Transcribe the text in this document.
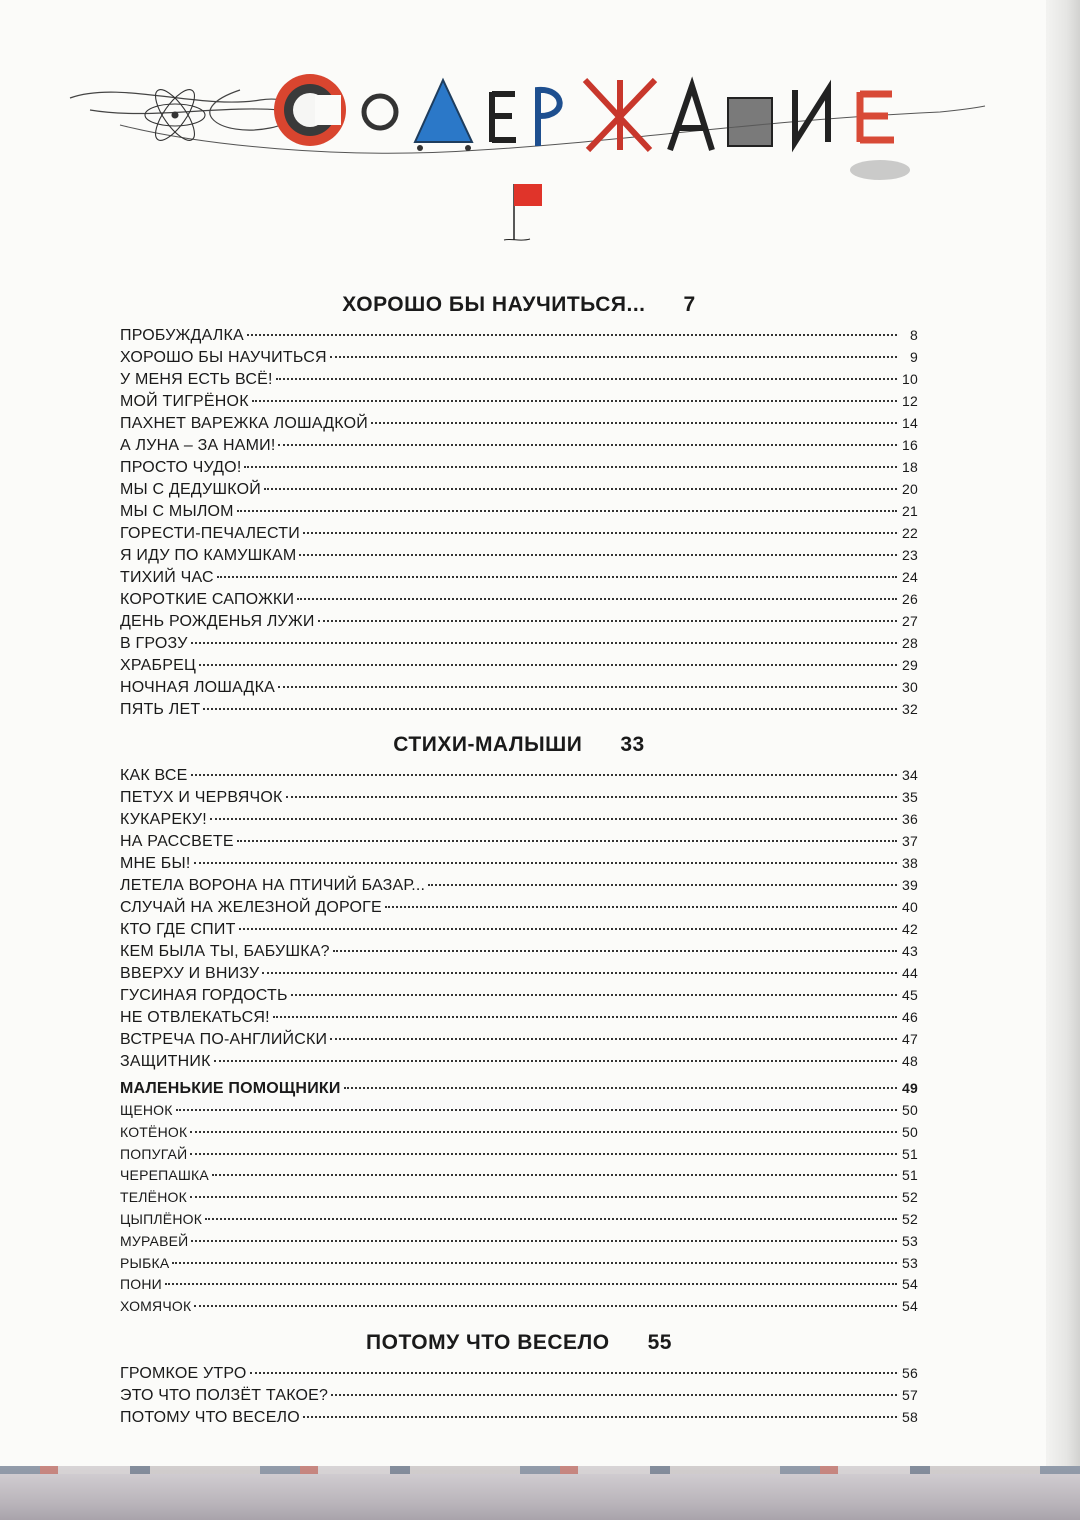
ХОРОШО БЫ НАУЧИТЬСЯ... 7
ПРОБУЖДАЛКА	8
ХОРОШО БЫ НАУЧИТЬСЯ	9
У МЕНЯ ЕСТЬ ВСЁ!	10
МОЙ ТИГРЁНОК	12
ПАХНЕТ ВАРЕЖКА ЛОШАДКОЙ	14
А ЛУНА – ЗА НАМИ!	16
ПРОСТО ЧУДО!	18
МЫ С ДЕДУШКОЙ	20
МЫ С МЫЛОМ	21
ГОРЕСТИ-ПЕЧАЛЕСТИ	22
Я ИДУ ПО КАМУШКАМ	23
ТИХИЙ ЧАС	24
КОРОТКИЕ САПОЖКИ	26
ДЕНЬ РОЖДЕНЬЯ ЛУЖИ	27
В ГРОЗУ	28
ХРАБРЕЦ	29
НОЧНАЯ ЛОШАДКА	30
ПЯТЬ ЛЕТ	32
СТИХИ-МАЛЫШИ 33
КАК ВСЕ	34
ПЕТУХ И ЧЕРВЯЧОК	35
КУКАРЕКУ!	36
НА РАССВЕТЕ	37
МНЕ БЫ!	38
ЛЕТЕЛА ВОРОНА НА ПТИЧИЙ БАЗАР...	39
СЛУЧАЙ НА ЖЕЛЕЗНОЙ ДОРОГЕ	40
КТО ГДЕ СПИТ	42
КЕМ БЫЛА ТЫ, БАБУШКА?	43
ВВЕРХУ И ВНИЗУ	44
ГУСИНАЯ ГОРДОСТЬ	45
НЕ ОТВЛЕКАТЬСЯ!	46
ВСТРЕЧА ПО-АНГЛИЙСКИ	47
ЗАЩИТНИК	48
МАЛЕНЬКИЕ ПОМОЩНИКИ	49
ЩЕНОК	50
КОТЁНОК	50
ПОПУГАЙ	51
ЧЕРЕПАШКА	51
ТЕЛЁНОК	52
ЦЫПЛЁНОК	52
МУРАВЕЙ	53
РЫБКА	53
ПОНИ	54
ХОМЯЧОК	54
ПОТОМУ ЧТО ВЕСЕЛО 55
ГРОМКОЕ УТРО	56
ЭТО ЧТО ПОЛЗЁТ ТАКОЕ?	57
ПОТОМУ ЧТО ВЕСЕЛО	58
